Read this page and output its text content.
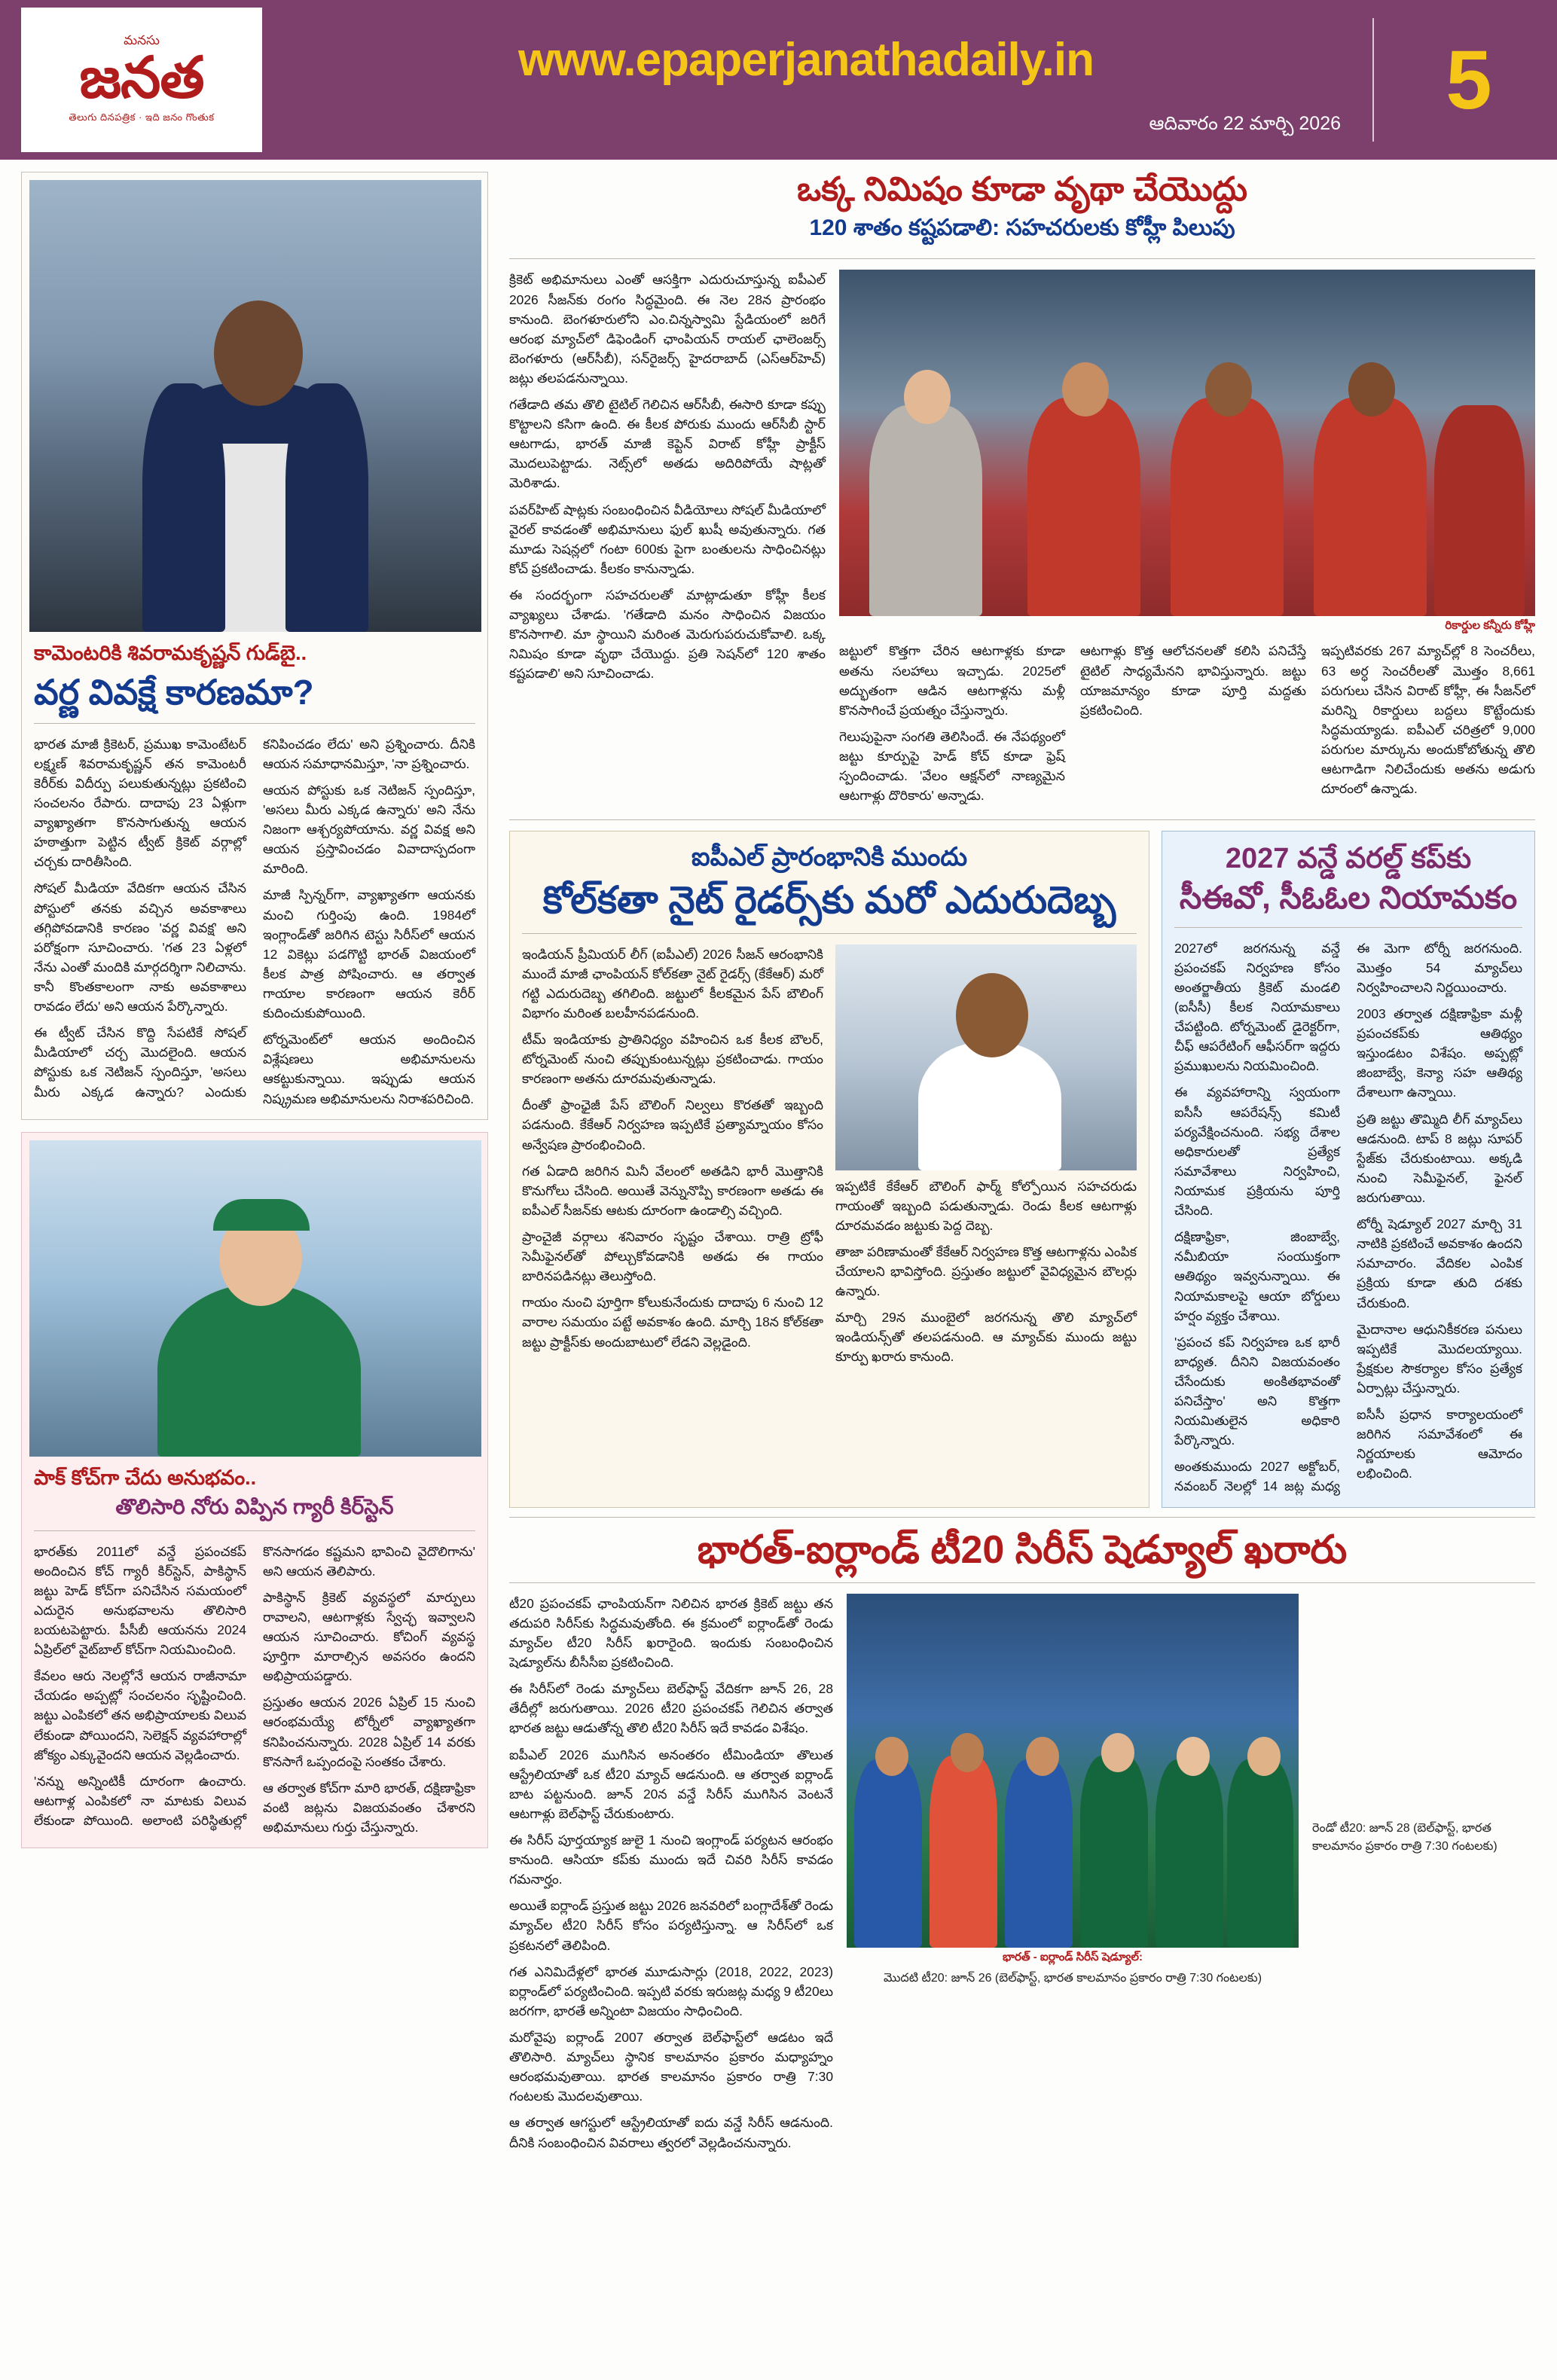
మనసు
జనత
తెలుగు దినపత్రిక · ఇది జనం గొంతుక
www.epaperjanathadaily.in
ఆదివారం 22 మార్చి 2026	5
కామెంటరికి శివరామకృష్ణన్ గుడ్‌బై..
వర్ణ వివక్షే కారణమా?

భారత మాజీ క్రికెటర్, ప్రముఖ కామెంటేటర్ లక్ష్మణ్ శివరామకృష్ణన్ తన కామెంటరీ కెరీర్‌కు విదీర్పు పలుకుతున్నట్లు ప్రకటించి సంచలనం రేపారు. దాదాపు 23 ఏళ్లుగా వ్యాఖ్యాతగా కొనసాగుతున్న ఆయన హఠాత్తుగా పెట్టిన ట్వీట్ క్రికెట్ వర్గాల్లో చర్చకు దారితీసింది.

సోషల్ మీడియా వేదికగా ఆయన చేసిన పోస్టులో తనకు వచ్చిన అవకాశాలు తగ్గిపోవడానికి కారణం 'వర్ణ వివక్ష' అని పరోక్షంగా సూచించారు. 'గత 23 ఏళ్లలో నేను ఎంతో మందికి మార్గదర్శిగా నిలిచాను. కానీ కొంతకాలంగా నాకు అవకాశాలు రావడం లేదు' అని ఆయన పేర్కొన్నారు.

ఈ ట్వీట్ చేసిన కొద్ది సేపటికే సోషల్ మీడియాలో చర్చ మొదలైంది. ఆయన పోస్టుకు ఒక నెటిజన్ స్పందిస్తూ, 'అసలు మీరు ఎక్కడ ఉన్నారు? ఎందుకు కనిపించడం లేదు' అని ప్రశ్నించారు. దీనికి ఆయన సమాధానమిస్తూ, 'నా ప్రశ్నించారు.

ఆయన పోస్టుకు ఒక నెటిజన్ స్పందిస్తూ, 'అసలు మీరు ఎక్కడ ఉన్నారు' అని నేను నిజంగా ఆశ్చర్యపోయాను. వర్ణ వివక్ష అని ఆయన ప్రస్తావించడం వివాదాస్పదంగా మారింది.

మాజీ స్పిన్నర్‌గా, వ్యాఖ్యాతగా ఆయనకు మంచి గుర్తింపు ఉంది. 1984లో ఇంగ్లాండ్‌తో జరిగిన టెస్టు సిరీస్‌లో ఆయన 12 వికెట్లు పడగొట్టి భారత్ విజయంలో కీలక పాత్ర పోషించారు. ఆ తర్వాత గాయాల కారణంగా ఆయన కెరీర్ కుదించుకుపోయింది.

టోర్నమెంట్‌లో ఆయన అందించిన విశ్లేషణలు అభిమానులను ఆకట్టుకున్నాయి. ఇప్పుడు ఆయన నిష్క్రమణ అభిమానులను నిరాశపరిచింది.

పాక్ కోచ్‌గా చేదు అనుభవం..
తొలిసారి నోరు విప్పిన గ్యారీ కిర్‌స్టెన్

భారత్‌కు 2011లో వన్డే ప్రపంచకప్ అందించిన కోచ్ గ్యారీ కిర్‌స్టెన్, పాకిస్థాన్ జట్టు హెడ్ కోచ్‌గా పనిచేసిన సమయంలో ఎదురైన అనుభవాలను తొలిసారి బయటపెట్టారు. పీసీబీ ఆయనను 2024 ఏప్రిల్‌లో వైట్‌బాల్ కోచ్‌గా నియమించింది.

కేవలం ఆరు నెలల్లోనే ఆయన రాజీనామా చేయడం అప్పట్లో సంచలనం సృష్టించింది. జట్టు ఎంపికలో తన అభిప్రాయాలకు విలువ లేకుండా పోయిందని, సెలెక్షన్ వ్యవహారాల్లో జోక్యం ఎక్కువైందని ఆయన వెల్లడించారు.

'నన్ను అన్నింటికీ దూరంగా ఉంచారు. ఆటగాళ్ల ఎంపికలో నా మాటకు విలువ లేకుండా పోయింది. అలాంటి పరిస్థితుల్లో కొనసాగడం కష్టమని భావించి వైదొలిగాను' అని ఆయన తెలిపారు.

పాకిస్థాన్ క్రికెట్ వ్యవస్థలో మార్పులు రావాలని, ఆటగాళ్లకు స్వేచ్ఛ ఇవ్వాలని ఆయన సూచించారు. కోచింగ్ వ్యవస్థ పూర్తిగా మారాల్సిన అవసరం ఉందని అభిప్రాయపడ్డారు.

ప్రస్తుతం ఆయన 2026 ఏప్రిల్ 15 నుంచి ఆరంభమయ్యే టోర్నీలో వ్యాఖ్యాతగా కనిపించనున్నారు. 2028 ఏప్రిల్ 14 వరకు కొనసాగే ఒప్పందంపై సంతకం చేశారు.

ఆ తర్వాత కోచ్‌గా మారి భారత్, దక్షిణాఫ్రికా వంటి జట్లను విజయవంతం చేశారని అభిమానులు గుర్తు చేస్తున్నారు.

ఒక్క నిమిషం కూడా వృథా చేయొద్దు
120 శాతం కష్టపడాలి: సహచరులకు కోహ్లీ పిలుపు

క్రికెట్ అభిమానులు ఎంతో ఆసక్తిగా ఎదురుచూస్తున్న ఐపీఎల్ 2026 సీజన్‌కు రంగం సిద్ధమైంది. ఈ నెల 28న ప్రారంభం కానుంది. బెంగళూరులోని ఎం.చిన్నస్వామి స్టేడియంలో జరిగే ఆరంభ మ్యాచ్‌లో డిఫెండింగ్ ఛాంపియన్ రాయల్ ఛాలెంజర్స్ బెంగళూరు (ఆర్‌సీబీ), సన్‌రైజర్స్ హైదరాబాద్ (ఎస్‌ఆర్‌హెచ్) జట్లు తలపడనున్నాయి.

గతేడాది తమ తొలి టైటిల్ గెలిచిన ఆర్‌సీబీ, ఈసారి కూడా కప్పు కొట్టాలని కసిగా ఉంది. ఈ కీలక పోరుకు ముందు ఆర్‌సీబీ స్టార్ ఆటగాడు, భారత్ మాజీ కెప్టెన్ విరాట్ కోహ్లీ ప్రాక్టీస్ మొదలుపెట్టాడు. నెట్స్‌లో అతడు అదిరిపోయే షాట్లతో మెరిశాడు.

పవర్‌హిట్ షాట్లకు సంబంధించిన వీడియోలు సోషల్ మీడియాలో వైరల్ కావడంతో అభిమానులు ఫుల్ ఖుషీ అవుతున్నారు. గత మూడు సెషన్లలో గంటా 600కు పైగా బంతులను సాధించినట్లు కోచ్ ప్రకటించాడు. కీలకం కానున్నాడు.

ఈ సందర్భంగా సహచరులతో మాట్లాడుతూ కోహ్లీ కీలక వ్యాఖ్యలు చేశాడు. 'గతేడాది మనం సాధించిన విజయం కొనసాగాలి. మా స్థాయిని మరింత మెరుగుపరుచుకోవాలి. ఒక్క నిమిషం కూడా వృథా చేయొద్దు. ప్రతి సెషన్‌లో 120 శాతం కష్టపడాలి' అని సూచించాడు.

రికార్డుల కన్నీరు కోహ్లీ

జట్టులో కొత్తగా చేరిన ఆటగాళ్లకు కూడా అతను సలహాలు ఇచ్చాడు. 2025లో అద్భుతంగా ఆడిన ఆటగాళ్లను మళ్లీ కొనసాగించే ప్రయత్నం చేస్తున్నారు.

గెలుపుపైనా సంగతి తెలిసిందే. ఈ నేపథ్యంలో జట్టు కూర్పుపై హెడ్ కోచ్ కూడా ఫ్రెష్ స్పందించాడు. 'వేలం ఆక్షన్‌లో నాణ్యమైన ఆటగాళ్లు దొరికారు' అన్నాడు.

ఆటగాళ్లు కొత్త ఆలోచనలతో కలిసి పనిచేస్తే టైటిల్ సాధ్యమేనని భావిస్తున్నారు. జట్టు యాజమాన్యం కూడా పూర్తి మద్దతు ప్రకటించింది.

ఇప్పటివరకు 267 మ్యాచ్‌ల్లో 8 సెంచరీలు, 63 అర్ధ సెంచరీలతో మొత్తం 8,661 పరుగులు చేసిన విరాట్ కోహ్లీ, ఈ సీజన్‌లో మరిన్ని రికార్డులు బద్దలు కొట్టేందుకు సిద్ధమయ్యాడు. ఐపీఎల్ చరిత్రలో 9,000 పరుగుల మార్కును అందుకోబోతున్న తొలి ఆటగాడిగా నిలిచేందుకు అతను అడుగు దూరంలో ఉన్నాడు.

ఐపీఎల్ ప్రారంభానికి ముందు
కోల్‌కతా నైట్ రైడర్స్‌కు మరో ఎదురుదెబ్బ

ఇండియన్ ప్రీమియర్ లీగ్ (ఐపీఎల్) 2026 సీజన్ ఆరంభానికి ముందే మాజీ ఛాంపియన్ కోల్‌కతా నైట్ రైడర్స్ (కేకేఆర్) మరో గట్టి ఎదురుదెబ్బ తగిలింది. జట్టులో కీలకమైన పేస్ బౌలింగ్ విభాగం మరింత బలహీనపడనుంది.

టీమ్ ఇండియాకు ప్రాతినిధ్యం వహించిన ఒక కీలక బౌలర్, టోర్నమెంట్ నుంచి తప్పుకుంటున్నట్లు ప్రకటించాడు. గాయం కారణంగా అతను దూరమవుతున్నాడు.

దీంతో ఫ్రాంఛైజీ పేస్ బౌలింగ్ నిల్వలు కొరతతో ఇబ్బంది పడనుంది. కేకేఆర్ నిర్వహణ ఇప్పటికే ప్రత్యామ్నాయం కోసం అన్వేషణ ప్రారంభించింది.

గత ఏడాది జరిగిన మినీ వేలంలో అతడిని భారీ మొత్తానికి కొనుగోలు చేసింది. అయితే వెన్నునొప్పి కారణంగా అతడు ఈ ఐపీఎల్ సీజన్‌కు ఆటకు దూరంగా ఉండాల్సి వచ్చింది.

ప్రాంచైజీ వర్గాలు శనివారం సృష్టం చేశాయి. రాత్రి ట్రోఫీ సెమీఫైనల్‌తో పోల్చుకోవడానికి అతడు ఈ గాయం బారినపడినట్లు తెలుస్తోంది.

గాయం నుంచి పూర్తిగా కోలుకునేందుకు దాదాపు 6 నుంచి 12 వారాల సమయం పట్టే అవకాశం ఉంది. మార్చి 18న కోల్‌కతా జట్టు ప్రాక్టీస్‌కు అందుబాటులో లేడని వెల్లడైంది.

ఇప్పటికే కేకేఆర్ బౌలింగ్ ఫార్మ్ కోల్పోయిన సహచరుడు గాయంతో ఇబ్బంది పడుతున్నాడు. రెండు కీలక ఆటగాళ్లు దూరమవడం జట్టుకు పెద్ద దెబ్బ.

తాజా పరిణామంతో కేకేఆర్ నిర్వహణ కొత్త ఆటగాళ్లను ఎంపిక చేయాలని భావిస్తోంది. ప్రస్తుతం జట్టులో వైవిధ్యమైన బౌలర్లు ఉన్నారు.

మార్చి 29న ముంబైలో జరగనున్న తొలి మ్యాచ్‌లో ఇండియన్స్‌తో తలపడనుంది. ఆ మ్యాచ్‌కు ముందు జట్టు కూర్పు ఖరారు కానుంది.

2027 వన్డే వరల్డ్ కప్‌కు
సీఈవో, సీఓఓల నియామకం

2027లో జరగనున్న వన్డే ప్రపంచకప్ నిర్వహణ కోసం అంతర్జాతీయ క్రికెట్ మండలి (ఐసీసీ) కీలక నియామకాలు చేపట్టింది. టోర్నమెంట్ డైరెక్టర్‌గా, చీఫ్ ఆపరేటింగ్ ఆఫీసర్‌గా ఇద్దరు ప్రముఖులను నియమించింది.

ఈ వ్యవహారాన్ని స్వయంగా ఐసీసీ ఆపరేషన్స్ కమిటీ పర్యవేక్షించనుంది. సభ్య దేశాల అధికారులతో ప్రత్యేక సమావేశాలు నిర్వహించి, నియామక ప్రక్రియను పూర్తి చేసింది.

దక్షిణాఫ్రికా, జింబాబ్వే, నమీబియా సంయుక్తంగా ఆతిథ్యం ఇవ్వనున్నాయి. ఈ నియామకాలపై ఆయా బోర్డులు హర్షం వ్యక్తం చేశాయి.

'ప్రపంచ కప్ నిర్వహణ ఒక భారీ బాధ్యత. దీనిని విజయవంతం చేసేందుకు అంకితభావంతో పనిచేస్తాం' అని కొత్తగా నియమితులైన అధికారి పేర్కొన్నారు.

అంతకుముందు 2027 అక్టోబర్, నవంబర్ నెలల్లో 14 జట్ల మధ్య ఈ మెగా టోర్నీ జరగనుంది. మొత్తం 54 మ్యాచ్‌లు నిర్వహించాలని నిర్ణయించారు.

2003 తర్వాత దక్షిణాఫ్రికా మళ్లీ ప్రపంచకప్‌కు ఆతిథ్యం ఇస్తుండటం విశేషం. అప్పట్లో జింబాబ్వే, కెన్యా సహ ఆతిథ్య దేశాలుగా ఉన్నాయి.

ప్రతి జట్టు తొమ్మిది లీగ్ మ్యాచ్‌లు ఆడనుంది. టాప్ 8 జట్లు సూపర్ స్టేజ్‌కు చేరుకుంటాయి. అక్కడి నుంచి సెమీఫైనల్, ఫైనల్ జరుగుతాయి.

టోర్నీ షెడ్యూల్ 2027 మార్చి 31 నాటికి ప్రకటించే అవకాశం ఉందని సమాచారం. వేదికల ఎంపిక ప్రక్రియ కూడా తుది దశకు చేరుకుంది.

మైదానాల ఆధునికీకరణ పనులు ఇప్పటికే మొదలయ్యాయి. ప్రేక్షకుల సౌకర్యాల కోసం ప్రత్యేక ఏర్పాట్లు చేస్తున్నారు.

ఐసీసీ ప్రధాన కార్యాలయంలో జరిగిన సమావేశంలో ఈ నిర్ణయాలకు ఆమోదం లభించింది.

భారత్-ఐర్లాండ్ టీ20 సిరీస్ షెడ్యూల్ ఖరారు

టీ20 ప్రపంచకప్ ఛాంపియన్‌గా నిలిచిన భారత క్రికెట్ జట్టు తన తదుపరి సిరీస్‌కు సిద్ధమవుతోంది. ఈ క్రమంలో ఐర్లాండ్‌తో రెండు మ్యాచ్‌ల టీ20 సిరీస్ ఖరారైంది. ఇందుకు సంబంధించిన షెడ్యూల్‌ను బీసీసీఐ ప్రకటించింది.

ఈ సిరీస్‌లో రెండు మ్యాచ్‌లు బెల్‌ఫాస్ట్ వేదికగా జూన్ 26, 28 తేదీల్లో జరుగుతాయి. 2026 టీ20 ప్రపంచకప్ గెలిచిన తర్వాత భారత జట్టు ఆడుతోన్న తొలి టీ20 సిరీస్ ఇదే కావడం విశేషం.

ఐపీఎల్ 2026 ముగిసిన అనంతరం టీమిండియా తొలుత ఆస్ట్రేలియాతో ఒక టీ20 మ్యాచ్ ఆడనుంది. ఆ తర్వాత ఐర్లాండ్ బాట పట్టనుంది. జూన్ 20న వన్డే సిరీస్ ముగిసిన వెంటనే ఆటగాళ్లు బెల్‌ఫాస్ట్ చేరుకుంటారు.

ఈ సిరీస్ పూర్తయ్యాక జులై 1 నుంచి ఇంగ్లాండ్ పర్యటన ఆరంభం కానుంది. ఆసియా కప్‌కు ముందు ఇదే చివరి సిరీస్ కావడం గమనార్హం.

అయితే ఐర్లాండ్ ప్రస్తుత జట్టు 2026 జనవరిలో బంగ్లాదేశ్‌తో రెండు మ్యాచ్‌ల టీ20 సిరీస్ కోసం పర్యటిస్తున్నా. ఆ సిరీస్‌లో ఒక ప్రకటనలో తెలిపింది.

గత ఎనిమిదేళ్లలో భారత మూడుసార్లు (2018, 2022, 2023) ఐర్లాండ్‌లో పర్యటించింది. ఇప్పటి వరకు ఇరుజట్ల మధ్య 9 టీ20లు జరగగా, భారతే అన్నింటా విజయం సాధించింది.

మరోవైపు ఐర్లాండ్ 2007 తర్వాత బెల్‌ఫాస్ట్‌లో ఆడటం ఇదే తొలిసారి. మ్యాచ్‌లు స్థానిక కాలమానం ప్రకారం మధ్యాహ్నం ఆరంభమవుతాయి. భారత కాలమానం ప్రకారం రాత్రి 7:30 గంటలకు మొదలవుతాయి.

ఆ తర్వాత ఆగస్టులో ఆస్ట్రేలియాతో ఐదు వన్డే సిరీస్ ఆడనుంది. దీనికి సంబంధించిన వివరాలు త్వరలో వెల్లడించనున్నారు.

భారత్ - ఐర్లాండ్ సిరీస్ షెడ్యూల్:
మొదటి టీ20: జూన్ 26 (బెల్‌ఫాస్ట్, భారత కాలమానం ప్రకారం రాత్రి 7:30 గంటలకు)
రెండో టీ20: జూన్ 28 (బెల్‌ఫాస్ట్, భారత కాలమానం ప్రకారం రాత్రి 7:30 గంటలకు)
